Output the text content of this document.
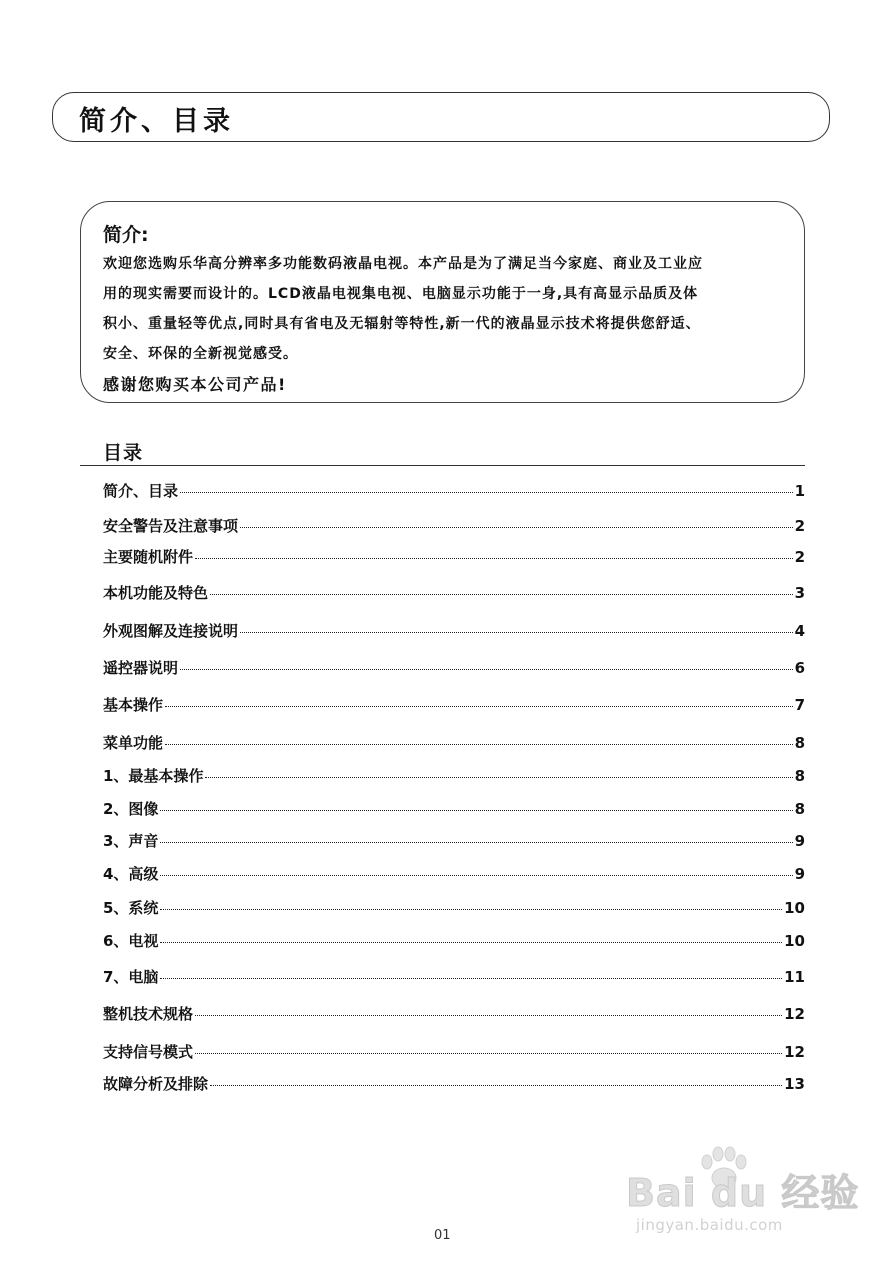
简介、目录
简介:
欢迎您选购乐华高分辨率多功能数码液晶电视。本产品是为了满足当今家庭、商业及工业应
用的现实需要而设计的。LCD液晶电视集电视、电脑显示功能于一身,具有高显示品质及体
积小、重量轻等优点,同时具有省电及无辐射等特性,新一代的液晶显示技术将提供您舒适、
安全、环保的全新视觉感受。
感谢您购买本公司产品!
目录
简介、目录	1
安全警告及注意事项	2
主要随机附件	2
本机功能及特色	3
外观图解及连接说明	4
遥控器说明	6
基本操作	7
菜单功能	8
1、最基本操作	8
2、图像	8
3、声音	9
4、高级	9
5、系统	10
6、电视	10
7、电脑	11
整机技术规格	12
支持信号模式	12
故障分析及排除	13
01
Bai du 经验
jingyan.baidu.com
